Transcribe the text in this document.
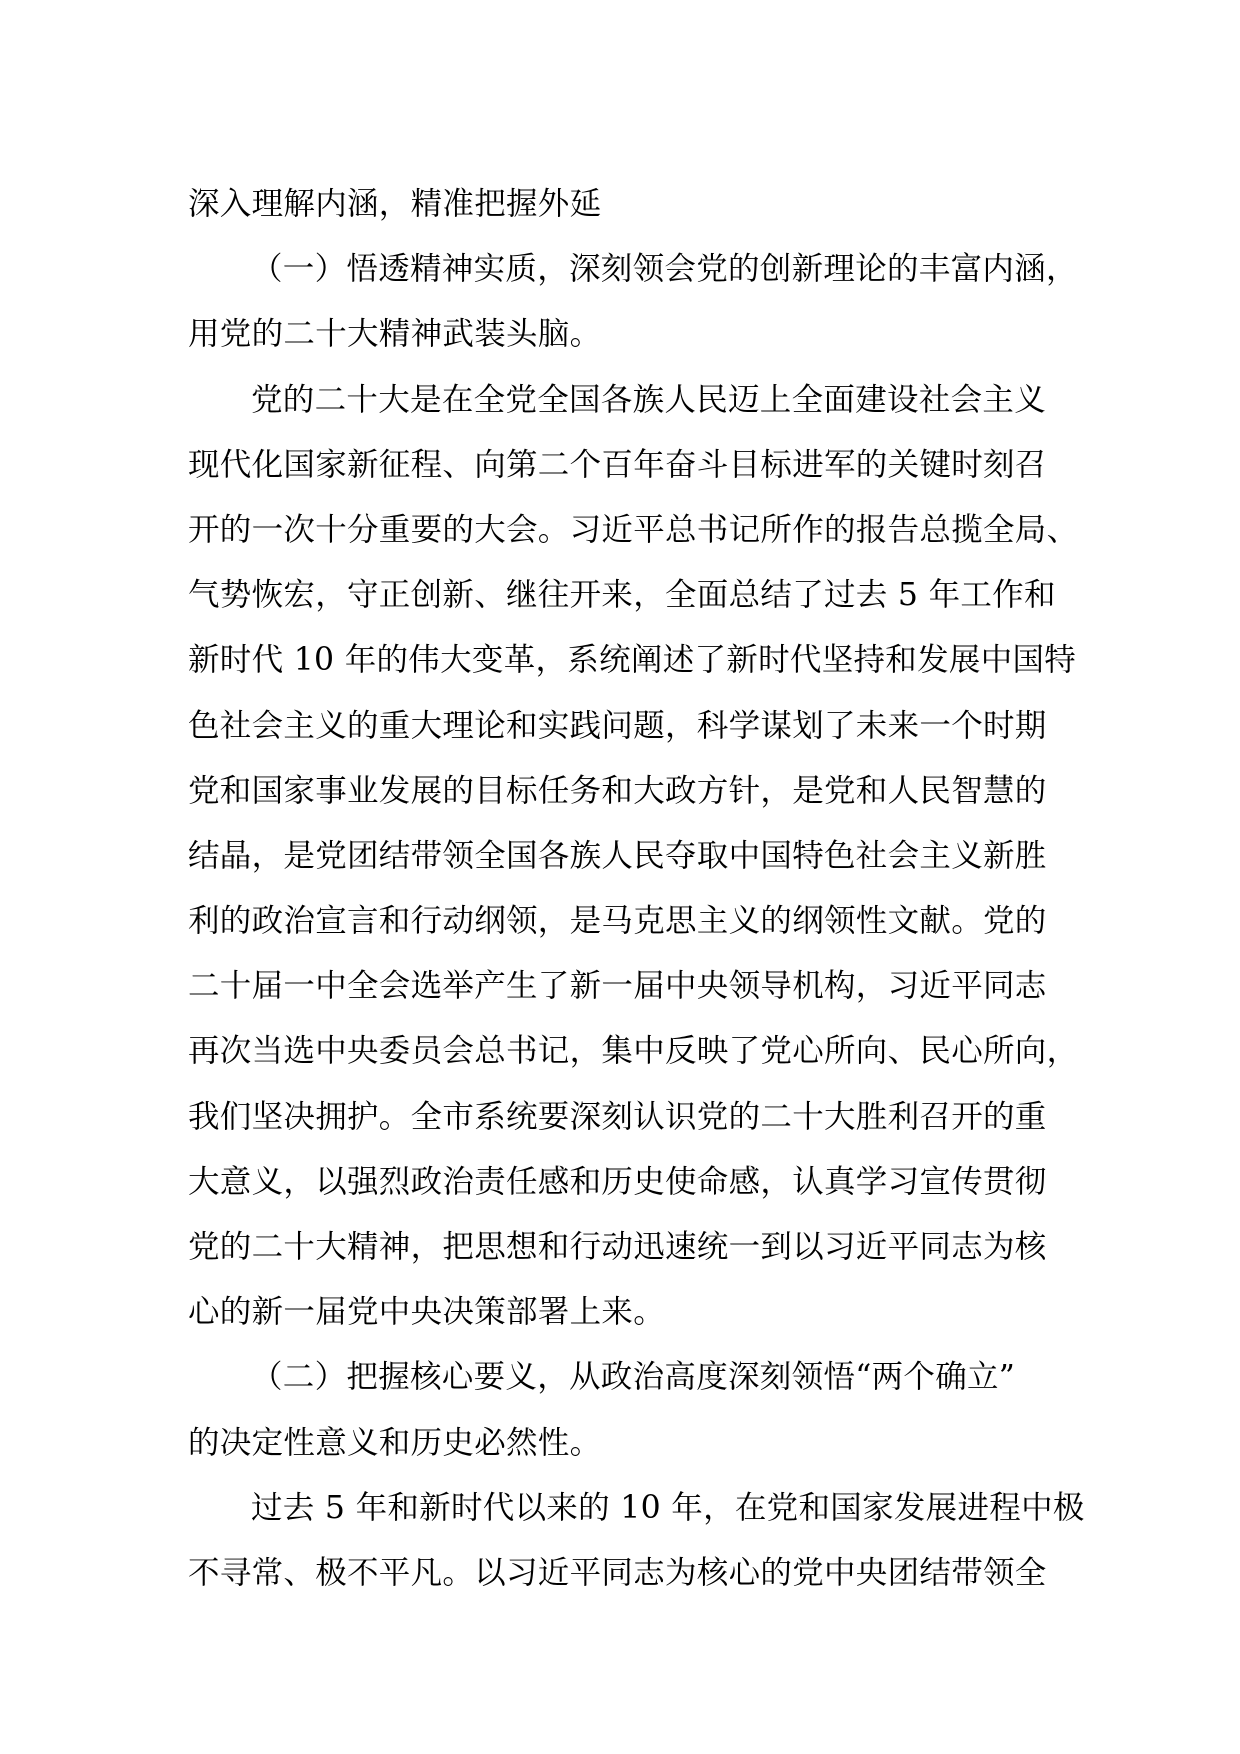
深入理解内涵，精准把握外延
（一）悟透精神实质，深刻领会党的创新理论的丰富内涵，
用党的二十大精神武装头脑。
党的二十大是在全党全国各族人民迈上全面建设社会主义
现代化国家新征程、向第二个百年奋斗目标进军的关键时刻召
开的一次十分重要的大会。习近平总书记所作的报告总揽全局、
气势恢宏，守正创新、继往开来，全面总结了过去 5 年工作和
新时代 10 年的伟大变革，系统阐述了新时代坚持和发展中国特
色社会主义的重大理论和实践问题，科学谋划了未来一个时期
党和国家事业发展的目标任务和大政方针，是党和人民智慧的
结晶，是党团结带领全国各族人民夺取中国特色社会主义新胜
利的政治宣言和行动纲领，是马克思主义的纲领性文献。党的
二十届一中全会选举产生了新一届中央领导机构，习近平同志
再次当选中央委员会总书记，集中反映了党心所向、民心所向，
我们坚决拥护。全市系统要深刻认识党的二十大胜利召开的重
大意义，以强烈政治责任感和历史使命感，认真学习宣传贯彻
党的二十大精神，把思想和行动迅速统一到以习近平同志为核
心的新一届党中央决策部署上来。
（二）把握核心要义，从政治高度深刻领悟“两个确立”
的决定性意义和历史必然性。
过去 5 年和新时代以来的 10 年，在党和国家发展进程中极
不寻常、极不平凡。以习近平同志为核心的党中央团结带领全
